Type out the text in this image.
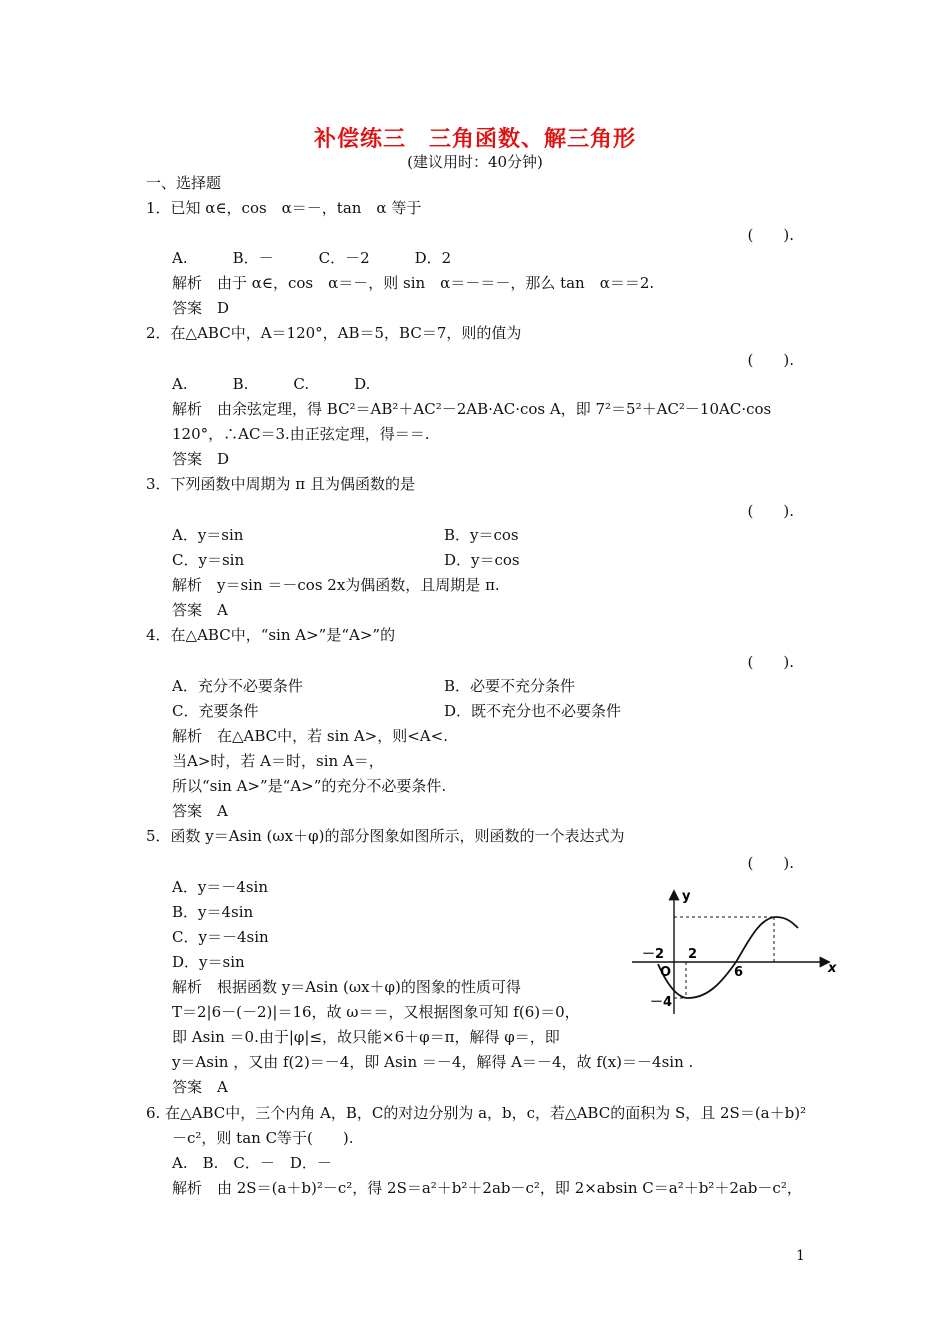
补偿练三　三角函数、解三角形
(建议用时：40分钟)
一、选择题
1．已知 α∈，cos　α＝－，tan　α 等于
(　　).
A.　　　B．－　　　C．－2　　　D．2
解析　由于 α∈，cos　α＝－，则 sin　α＝－＝－，那么 tan　α＝＝2.
答案　D
2．在△ABC中，A＝120°，AB＝5，BC＝7，则的值为
(　　).
A.　　　B.　　　C.　　　D.
解析　由余弦定理，得 BC²＝AB²＋AC²－2AB·AC·cos A，即 7²＝5²＋AC²－10AC·cos
120°，∴AC＝3.由正弦定理，得＝＝.
答案　D
3．下列函数中周期为 π 且为偶函数的是
(　　).
A．y＝sin	B．y＝cos
C．y＝sin	D．y＝cos
解析　y＝sin ＝－cos 2x为偶函数，且周期是 π.
答案　A
4．在△ABC中，“sin A>”是“A>”的
(　　).
A．充分不必要条件	B．必要不充分条件
C．充要条件	D．既不充分也不必要条件
解析　在△ABC中，若 sin A>，则<A<.
当A>时，若 A＝时，sin A＝，
所以“sin A>”是“A>”的充分不必要条件.
答案　A
5．函数 y＝Asin (ωx＋φ)的部分图象如图所示，则函数的一个表达式为
(　　).
A．y＝－4sin
B．y＝4sin
C．y＝－4sin
D．y＝sin
解析　根据函数 y＝Asin (ωx＋φ)的图象的性质可得
T＝2|6－(－2)|＝16，故 ω＝＝，又根据图象可知 f(6)＝0，
即 Asin ＝0.由于|φ|≤，故只能×6＋φ＝π，解得 φ＝，即
y＝Asin ，又由 f(2)＝－4，即 Asin ＝－4，解得 A＝－4，故 f(x)＝－4sin .
答案　A
y
x
O
－2 2
6
－4
6. 在△ABC中，三个内角 A，B，C的对边分别为 a，b，c，若△ABC的面积为 S，且 2S＝(a＋b)²
－c²，则 tan C等于(　　).
A.　B.　C．－　D．－
解析　由 2S＝(a＋b)²－c²，得 2S＝a²＋b²＋2ab－c²，即 2×absin C＝a²＋b²＋2ab－c²，
1
